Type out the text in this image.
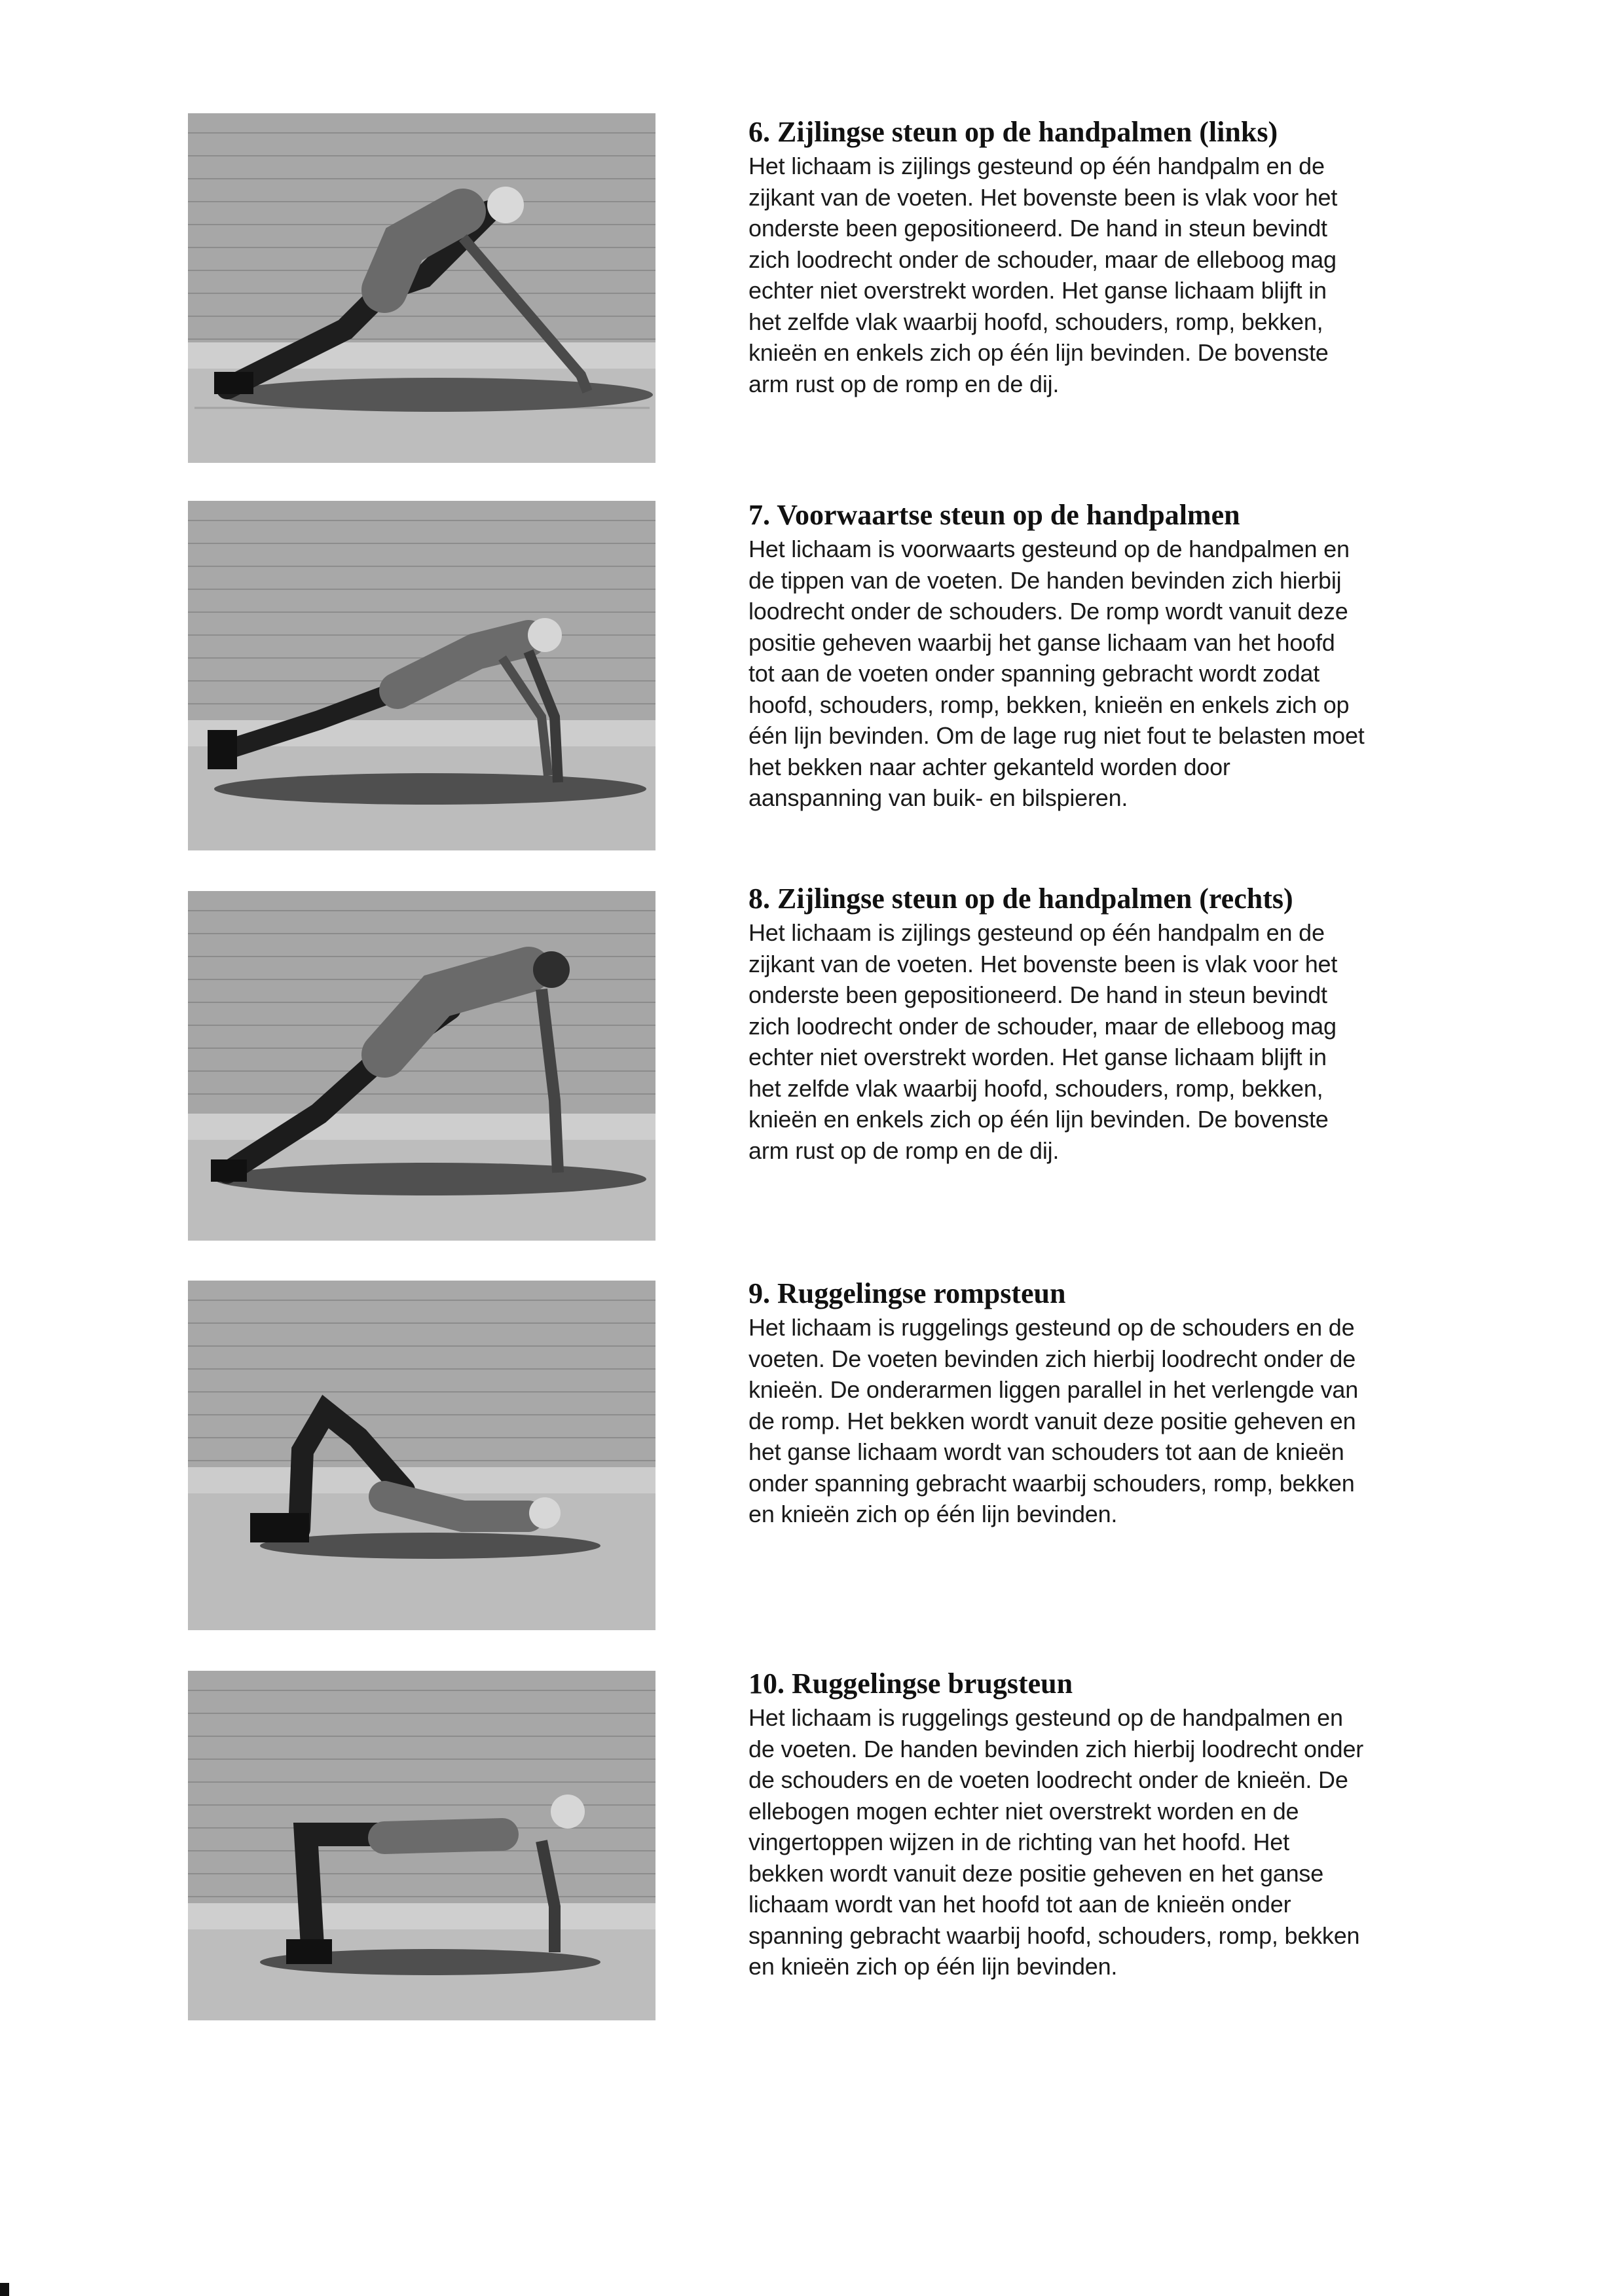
6. Zijlingse steun op de handpalmen (links)
Het lichaam is zijlings gesteund op één handpalm en de
zijkant van de voeten. Het bovenste been is vlak voor het
onderste been gepositioneerd. De hand in steun bevindt
zich loodrecht onder de schouder, maar de elleboog mag
echter niet overstrekt worden. Het ganse lichaam blijft in
het zelfde vlak waarbij hoofd, schouders, romp, bekken,
knieën en enkels zich op één lijn bevinden. De bovenste
arm rust op de romp en de dij.
7. Voorwaartse steun op de handpalmen
Het lichaam is voorwaarts gesteund op de handpalmen en
de tippen van de voeten. De handen bevinden zich hierbij
loodrecht onder de schouders. De romp wordt vanuit deze
positie geheven waarbij het ganse lichaam van het hoofd
tot aan de voeten onder spanning gebracht wordt zodat
hoofd, schouders, romp, bekken, knieën en enkels zich op
één lijn bevinden. Om de lage rug niet fout te belasten moet
het bekken naar achter gekanteld worden door
aanspanning van buik- en bilspieren.
8. Zijlingse steun op de handpalmen (rechts)
Het lichaam is zijlings gesteund op één handpalm en de
zijkant van de voeten. Het bovenste been is vlak voor het
onderste been gepositioneerd. De hand in steun bevindt
zich loodrecht onder de schouder, maar de elleboog mag
echter niet overstrekt worden. Het ganse lichaam blijft in
het zelfde vlak waarbij hoofd, schouders, romp, bekken,
knieën en enkels zich op één lijn bevinden. De bovenste
arm rust op de romp en de dij.
9. Ruggelingse rompsteun
Het lichaam is ruggelings gesteund op de schouders en de
voeten. De voeten bevinden zich hierbij loodrecht onder de
knieën. De onderarmen liggen parallel in het verlengde van
de romp. Het bekken wordt vanuit deze positie geheven en
het ganse lichaam wordt van schouders tot aan de knieën
onder spanning gebracht waarbij schouders, romp, bekken
en knieën zich op één lijn bevinden.
10. Ruggelingse brugsteun
Het lichaam is ruggelings gesteund op de handpalmen en
de voeten. De handen bevinden zich hierbij loodrecht onder
de schouders en de voeten loodrecht onder de knieën. De
ellebogen mogen echter niet overstrekt worden en de
vingertoppen wijzen in de richting van het hoofd. Het
bekken wordt vanuit deze positie geheven en het ganse
lichaam wordt van het hoofd tot aan de knieën onder
spanning gebracht waarbij hoofd, schouders, romp, bekken
en knieën zich op één lijn bevinden.
